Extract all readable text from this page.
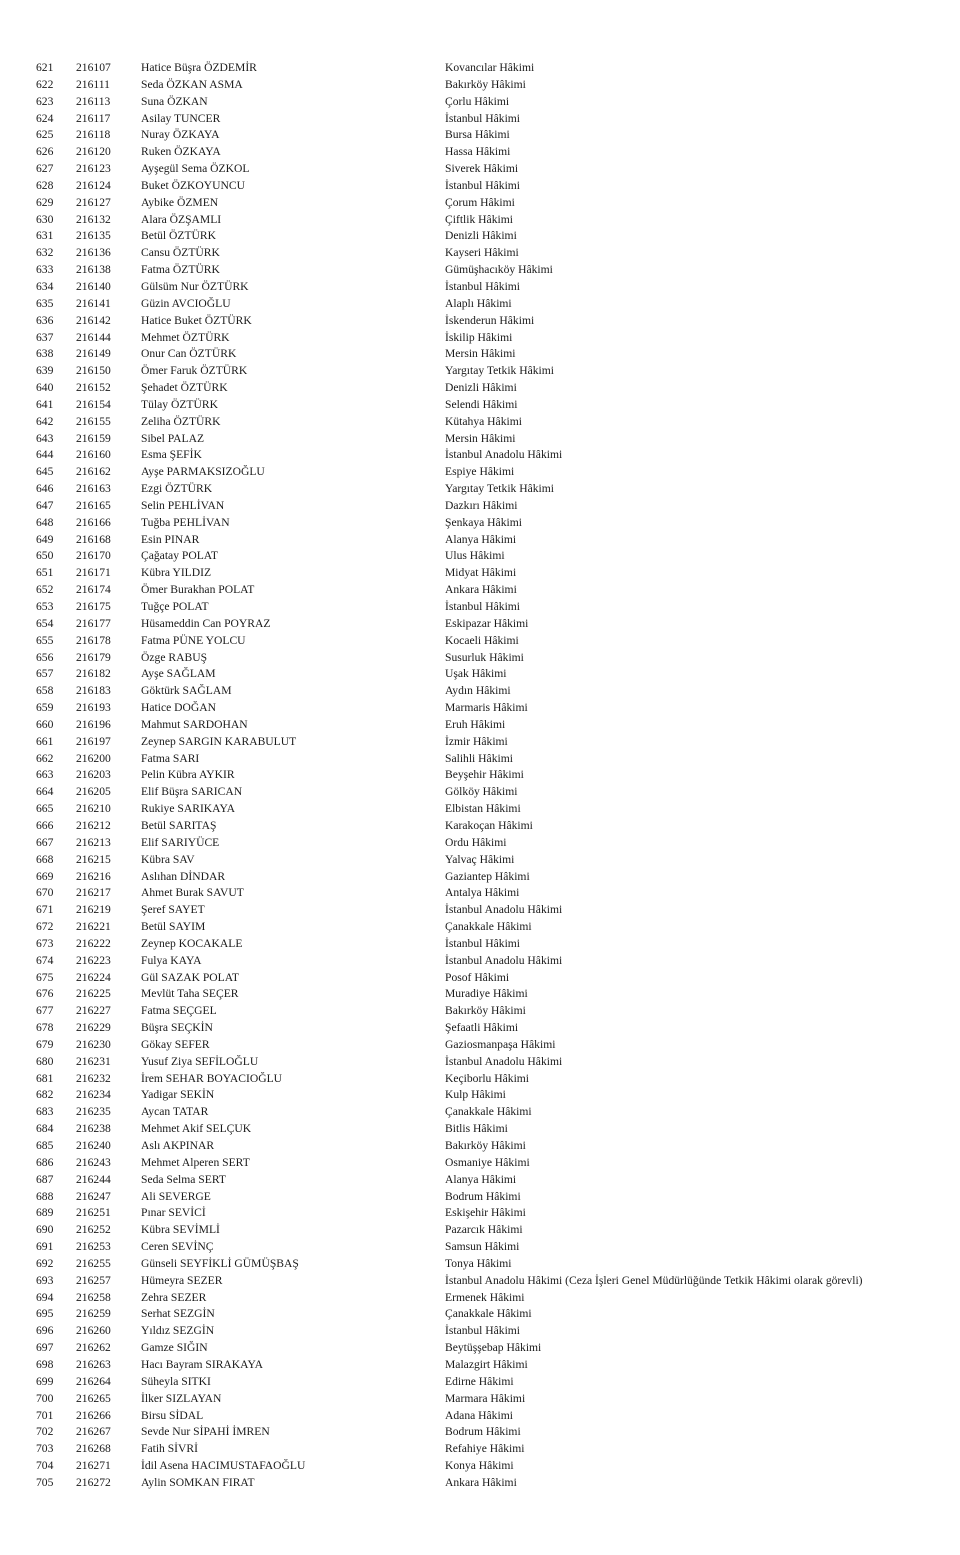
621 216107	Hatice Büşra ÖZDEMİR	Kovancılar Hâkimi
622 216111	Seda ÖZKAN ASMA	Bakırköy Hâkimi
623 216113	Suna ÖZKAN	Çorlu Hâkimi
624 216117	Asilay TUNCER	İstanbul Hâkimi
625 216118	Nuray ÖZKAYA	Bursa Hâkimi
626 216120	Ruken ÖZKAYA	Hassa Hâkimi
627 216123	Ayşegül Sema ÖZKOL	Siverek Hâkimi
628 216124	Buket ÖZKOYUNCU	İstanbul Hâkimi
629 216127	Aybike ÖZMEN	Çorum Hâkimi
630 216132	Alara ÖZŞAMLI	Çiftlik Hâkimi
631 216135	Betül ÖZTÜRK	Denizli Hâkimi
632 216136	Cansu ÖZTÜRK	Kayseri Hâkimi
633 216138	Fatma ÖZTÜRK	Gümüşhacıköy Hâkimi
634 216140	Gülsüm Nur ÖZTÜRK	İstanbul Hâkimi
635 216141	Güzin AVCIOĞLU	Alaplı Hâkimi
636 216142	Hatice Buket ÖZTÜRK	İskenderun Hâkimi
637 216144	Mehmet ÖZTÜRK	İskilip Hâkimi
638 216149	Onur Can ÖZTÜRK	Mersin Hâkimi
639 216150	Ömer Faruk ÖZTÜRK	Yargıtay Tetkik Hâkimi
640 216152	Şehadet ÖZTÜRK	Denizli Hâkimi
641 216154	Tülay ÖZTÜRK	Selendi Hâkimi
642 216155	Zeliha ÖZTÜRK	Kütahya Hâkimi
643 216159	Sibel PALAZ	Mersin Hâkimi
644 216160	Esma ŞEFİK	İstanbul Anadolu Hâkimi
645 216162	Ayşe PARMAKSIZOĞLU	Espiye Hâkimi
646 216163	Ezgi ÖZTÜRK	Yargıtay Tetkik Hâkimi
647 216165	Selin PEHLİVAN	Dazkırı Hâkimi
648 216166	Tuğba PEHLİVAN	Şenkaya Hâkimi
649 216168	Esin PINAR	Alanya Hâkimi
650 216170	Çağatay POLAT	Ulus Hâkimi
651 216171	Kübra YILDIZ	Midyat Hâkimi
652 216174	Ömer Burakhan POLAT	Ankara Hâkimi
653 216175	Tuğçe POLAT	İstanbul Hâkimi
654 216177	Hüsameddin Can POYRAZ	Eskipazar Hâkimi
655 216178	Fatma PÜNE YOLCU	Kocaeli Hâkimi
656 216179	Özge RABUŞ	Susurluk Hâkimi
657 216182	Ayşe SAĞLAM	Uşak Hâkimi
658 216183	Göktürk SAĞLAM	Aydın Hâkimi
659 216193	Hatice DOĞAN	Marmaris Hâkimi
660 216196	Mahmut SARDOHAN	Eruh Hâkimi
661 216197	Zeynep SARGIN KARABULUT	İzmir Hâkimi
662 216200	Fatma SARI	Salihli Hâkimi
663 216203	Pelin Kübra AYKIR	Beyşehir Hâkimi
664 216205	Elif Büşra SARICAN	Gölköy Hâkimi
665 216210	Rukiye SARIKAYA	Elbistan Hâkimi
666 216212	Betül SARITAŞ	Karakoçan Hâkimi
667 216213	Elif SARIYÜCE	Ordu Hâkimi
668 216215	Kübra SAV	Yalvaç Hâkimi
669 216216	Aslıhan DİNDAR	Gaziantep Hâkimi
670 216217	Ahmet Burak SAVUT	Antalya Hâkimi
671 216219	Şeref SAYET	İstanbul Anadolu Hâkimi
672 216221	Betül SAYIM	Çanakkale Hâkimi
673 216222	Zeynep KOCAKALE	İstanbul Hâkimi
674 216223	Fulya KAYA	İstanbul Anadolu Hâkimi
675 216224	Gül SAZAK POLAT	Posof Hâkimi
676 216225	Mevlüt Taha SEÇER	Muradiye Hâkimi
677 216227	Fatma SEÇGEL	Bakırköy Hâkimi
678 216229	Büşra SEÇKİN	Şefaatli Hâkimi
679 216230	Gökay SEFER	Gaziosmanpaşa Hâkimi
680 216231	Yusuf Ziya SEFİLOĞLU	İstanbul Anadolu Hâkimi
681 216232	İrem SEHAR BOYACIOĞLU	Keçiborlu Hâkimi
682 216234	Yadigar SEKİN	Kulp Hâkimi
683 216235	Aycan TATAR	Çanakkale Hâkimi
684 216238	Mehmet Akif SELÇUK	Bitlis Hâkimi
685 216240	Aslı AKPINAR	Bakırköy Hâkimi
686 216243	Mehmet Alperen SERT	Osmaniye Hâkimi
687 216244	Seda Selma SERT	Alanya Hâkimi
688 216247	Ali SEVERGE	Bodrum Hâkimi
689 216251	Pınar SEVİCİ	Eskişehir Hâkimi
690 216252	Kübra SEVİMLİ	Pazarcık Hâkimi
691 216253	Ceren SEVİNÇ	Samsun Hâkimi
692 216255	Günseli SEYFİKLİ GÜMÜŞBAŞ	Tonya Hâkimi
693 216257	Hümeyra SEZER	İstanbul Anadolu Hâkimi (Ceza İşleri Genel Müdürlüğünde Tetkik Hâkimi olarak görevli)
694 216258	Zehra SEZER	Ermenek Hâkimi
695 216259	Serhat SEZGİN	Çanakkale Hâkimi
696 216260	Yıldız SEZGİN	İstanbul Hâkimi
697 216262	Gamze SIĞIN	Beytüşşebap Hâkimi
698 216263	Hacı Bayram SIRAKAYA	Malazgirt Hâkimi
699 216264	Süheyla SITKI	Edirne Hâkimi
700 216265	İlker SIZLAYAN	Marmara Hâkimi
701 216266	Birsu SİDAL	Adana Hâkimi
702 216267	Sevde Nur SİPAHİ İMREN	Bodrum Hâkimi
703 216268	Fatih SİVRİ	Refahiye Hâkimi
704 216271	İdil Asena HACIMUSTAFAOĞLU	Konya Hâkimi
705 216272	Aylin SOMKAN FIRAT	Ankara Hâkimi
